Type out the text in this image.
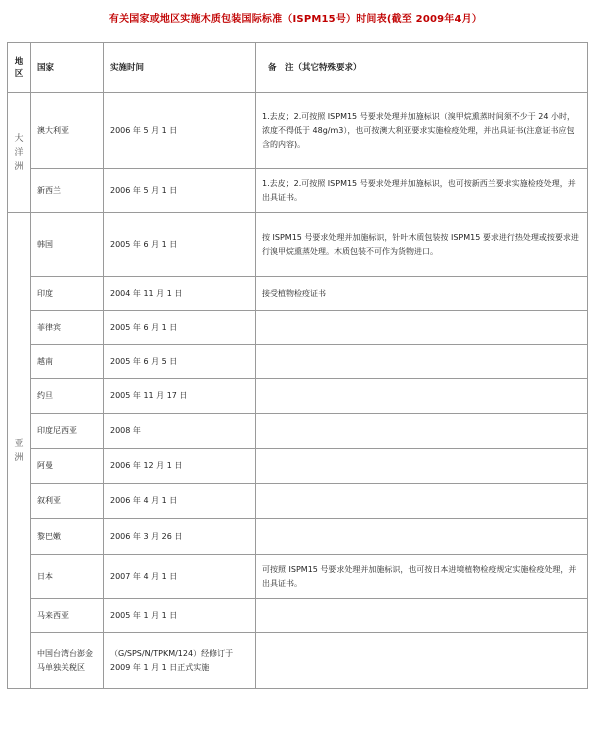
有关国家或地区实施木质包装国际标准（ISPM15号）时间表(截至 2009年4月）
地区	国家	实施时间	备　注（其它特殊要求）
大洋洲	澳大利亚	2006 年 5 月 1 日	1.去皮；2.可按照 ISPM15 号要求处理并加施标识（溴甲烷熏蒸时间须不少于 24 小时，浓度不得低于 48g/m3），也可按澳大利亚要求实施检疫处理，并出具证书(注意证书应包含的内容)。
	新西兰	2006 年 5 月 1 日	1.去皮；2.可按照 ISPM15 号要求处理并加施标识，也可按新西兰要求实施检疫处理，并出具证书。
亚洲	韩国	2005 年 6 月 1 日	按 ISPM15 号要求处理并加施标识，针叶木质包装按 ISPM15 要求进行热处理或按要求进行溴甲烷熏蒸处理。木质包装不可作为货物进口。
	印度	2004 年 11 月 1 日	接受植物检疫证书
	菲律宾	2005 年 6 月 1 日	
	越南	2005 年 6 月 5 日	
	约旦	2005 年 11 月 17 日	
	印度尼西亚	2008 年	
	阿曼	2006 年 12 月 1 日	
	叙利亚	2006 年 4 月 1 日	
	黎巴嫩	2006 年 3 月 26 日	
	日本	2007 年 4 月 1 日	可按照 ISPM15 号要求处理并加施标识，也可按日本进境植物检疫规定实施检疫处理，并出具证书。
	马来西亚	2005 年 1 月 1 日	
	中国台湾台澎金马单独关税区	（G/SPS/N/TPKM/124）经修订于 2009 年 1 月 1 日正式实施	
